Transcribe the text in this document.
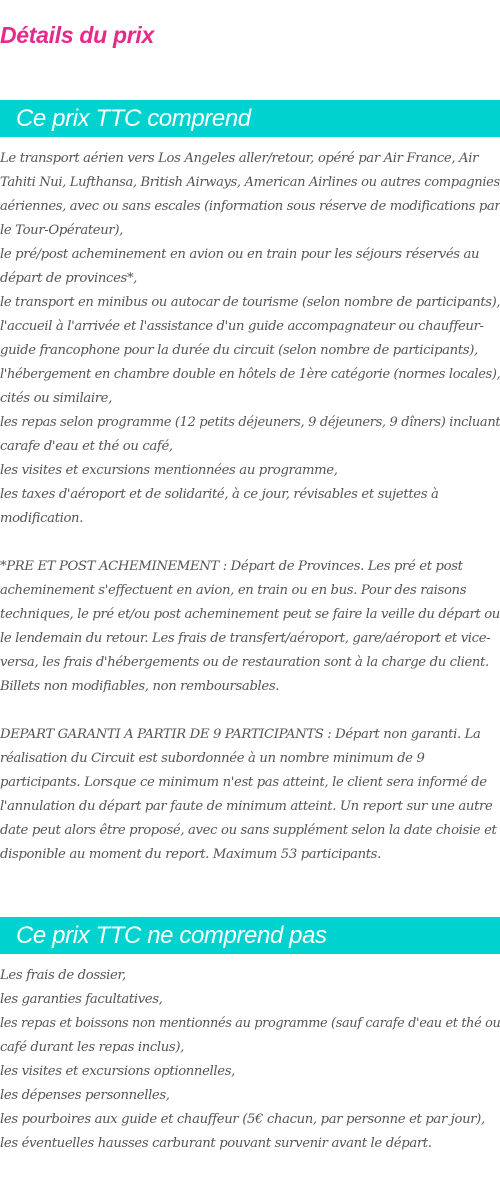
Détails du prix
Ce prix TTC comprend
Le transport aérien vers Los Angeles aller/retour, opéré par Air France, Air
Tahiti Nui, Lufthansa, British Airways, American Airlines ou autres compagnies
aériennes, avec ou sans escales (information sous réserve de modifications par
le Tour-Opérateur),
le pré/post acheminement en avion ou en train pour les séjours réservés au
départ de provinces*,
le transport en minibus ou autocar de tourisme (selon nombre de participants),
l'accueil à l'arrivée et l'assistance d'un guide accompagnateur ou chauffeur-
guide francophone pour la durée du circuit (selon nombre de participants),
l'hébergement en chambre double en hôtels de 1ère catégorie (normes locales),
cités ou similaire,
les repas selon programme (12 petits déjeuners, 9 déjeuners, 9 dîners) incluant
carafe d'eau et thé ou café,
les visites et excursions mentionnées au programme,
les taxes d'aéroport et de solidarité, à ce jour, révisables et sujettes à
modification.
*PRE ET POST ACHEMINEMENT : Départ de Provinces. Les pré et post
acheminement s'effectuent en avion, en train ou en bus. Pour des raisons
techniques, le pré et/ou post acheminement peut se faire la veille du départ ou
le lendemain du retour. Les frais de transfert/aéroport, gare/aéroport et vice-
versa, les frais d'hébergements ou de restauration sont à la charge du client.
Billets non modifiables, non remboursables.
DEPART GARANTI A PARTIR DE 9 PARTICIPANTS : Départ non garanti. La
réalisation du Circuit est subordonnée à un nombre minimum de 9
participants. Lorsque ce minimum n'est pas atteint, le client sera informé de
l'annulation du départ par faute de minimum atteint. Un report sur une autre
date peut alors être proposé, avec ou sans supplément selon la date choisie et
disponible au moment du report. Maximum 53 participants.
Ce prix TTC ne comprend pas
Les frais de dossier,
les garanties facultatives,
les repas et boissons non mentionnés au programme (sauf carafe d'eau et thé ou
café durant les repas inclus),
les visites et excursions optionnelles,
les dépenses personnelles,
les pourboires aux guide et chauffeur (5€ chacun, par personne et par jour),
les éventuelles hausses carburant pouvant survenir avant le départ.
